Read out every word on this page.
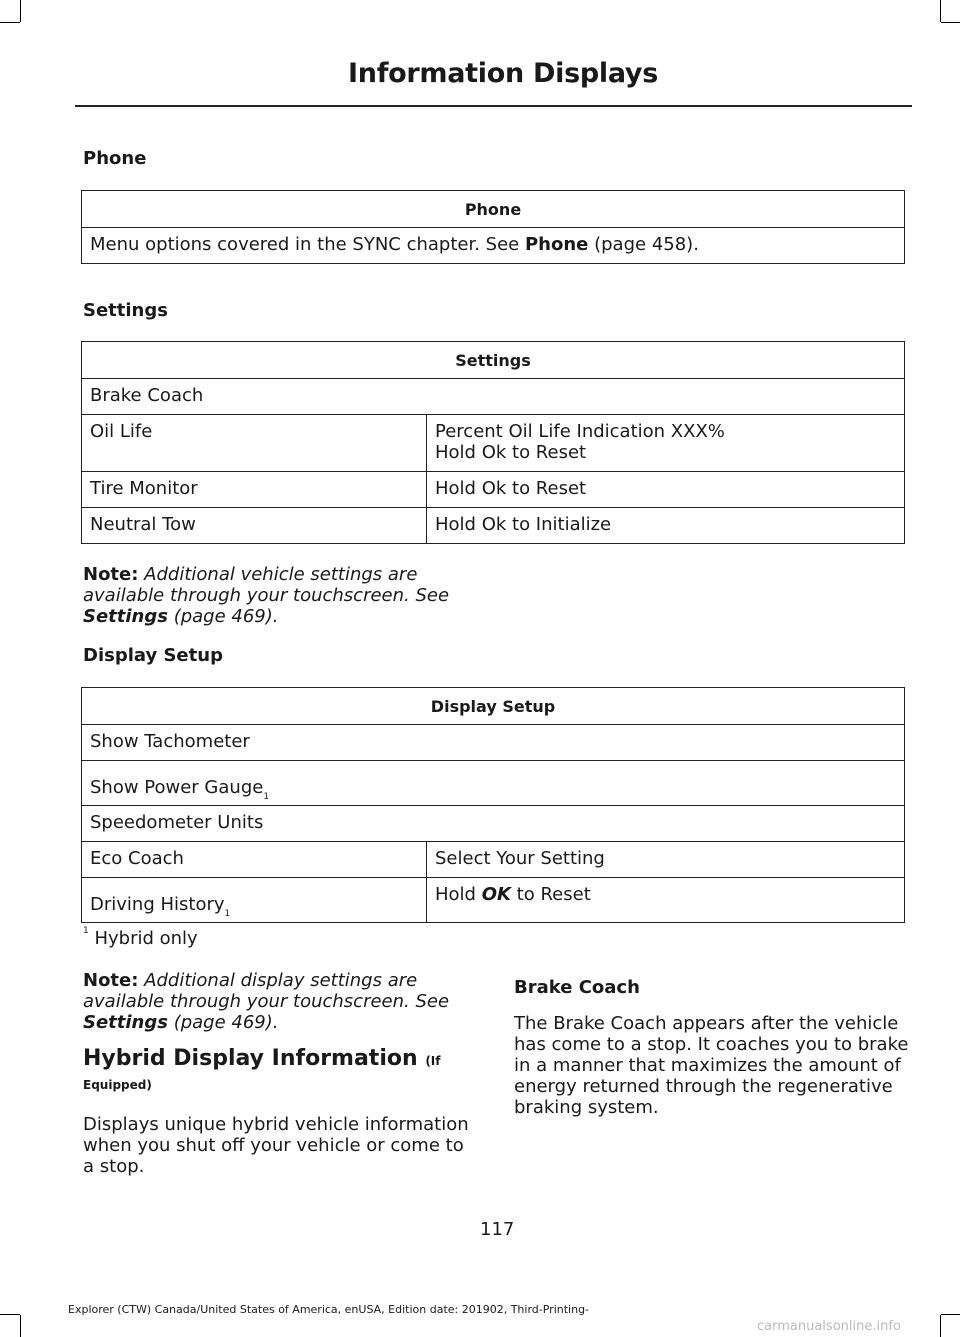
Information Displays
Phone
Phone
Menu options covered in the SYNC chapter. See Phone (page 458).
Settings
Settings	
Brake Coach	
Oil Life	Percent Oil Life Indication XXX%
Hold Ok to Reset
Tire Monitor	Hold Ok to Reset
Neutral Tow	Hold Ok to Initialize
Note: Additional vehicle settings are available through your touchscreen. See Settings (page 469).
Display Setup
Display Setup	
Show Tachometer	
Show Power Gauge$^1$
Speedometer Units	
Eco Coach	Select Your Setting
Driving History$^1$	Hold OK to Reset
$^1$ Hybrid only
Note: Additional display settings are available through your touchscreen. See Settings (page 469).
Hybrid Display Information (If
Equipped)
Displays unique hybrid vehicle information when you shut off your vehicle or come to a stop.
Brake Coach
The Brake Coach appears after the vehicle has come to a stop. It coaches you to brake in a manner that maximizes the amount of energy returned through the regenerative braking system.
117
Explorer (CTW) Canada/United States of America, enUSA, Edition date: 201902, Third-Printing-
carmanualsonline.info
